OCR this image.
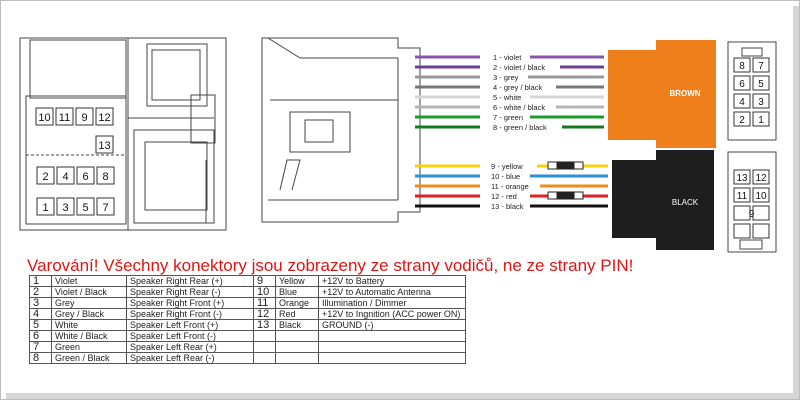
10 11 9 12
13
2 4 6 8
1 3 5 7
1 - violet
2 - violet / black
3 - grey
4 - grey / black
5 - white
6 - white / black
7 - green
8 - green / black
9 - yellow
10 - blue
11 - orange
12 - red
13 - black
BROWN
BLACK
8 7
6 5
4 3
2 1
13 12
11 10
9
Varování! Všechny konektory jsou zobrazeny ze strany vodičů, ne ze strany PIN!
1	Violet	Speaker Right Rear (+)	9	Yellow	+12V to Battery
2	Violet / Black	Speaker Right Rear (-)	10	Blue	+12V to Automatic Antenna
3	Grey	Speaker Right Front (+)	11	Orange	Illumination / Dimmer
4	Grey / Black	Speaker Right Front (-)	12	Red	+12V to Ingnition (ACC power ON)
5	White	Speaker Left Front (+)	13	Black	GROUND (-)
6	White / Black	Speaker Left Front (-)			
7	Green	Speaker Left Rear (+)			
8	Green / Black	Speaker Left Rear (-)			
